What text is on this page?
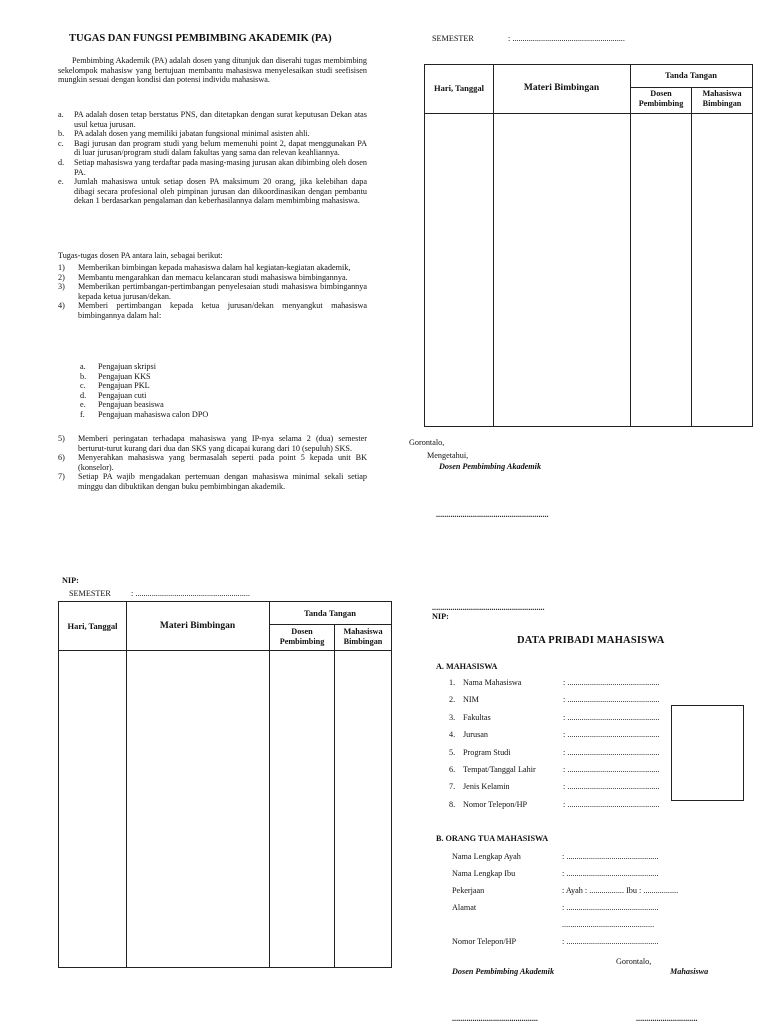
TUGAS DAN FUNGSI PEMBIMBING AKADEMIK (PA)
Pembimbing Akademik (PA) adalah dosen yang ditunjuk dan diserahi tugas membimbing sekelompok mahasisw yang bertujuan membantu mahasiswa menyelesaikan studi seefisisen mungkin sesuai dengan kondisi dan potensi individu mahasiswa.
a.	PA adalah dosen tetap berstatus PNS, dan ditetapkan dengan surat keputusan Dekan atas usul ketua jurusan.
b.	PA adalah dosen yang memiliki jabatan fungsional minimal asisten ahli.
c.	Bagi jurusan dan program studi yang belum memenuhi point 2, dapat menggunakan PA di luar jurusan/program studi dalam fakultas yang sama dan relevan keahliannya.
d.	Setiap mahasiswa yang terdaftar pada masing-masing jurusan akan dibimbing oleh dosen PA.
e.	Jumlah mahasiswa untuk setiap dosen PA maksimum 20 orang, jika kelebihan dapa dibagi secara profesional oleh pimpinan jurusan dan dikoordinasikan dengan pembantu dekan 1 berdasarkan pengalaman dan keberhasilannya dalam membimbing mahasiswa.
Tugas-tugas dosen PA antara lain, sebagai berikut:
1)	Memberikan bimbingan kepada mahasiswa dalam hal kegiatan-kegiatan akademik,
2)	Membantu mengarahkan dan memacu kelancaran studi mahasiswa bimbingannya.
3)	Memberikan pertimbangan-pertimbangan penyelesaian studi mahasiswa bimbingannya kepada ketua jurusan/dekan.
4)	Memberi pertimbangan kepada ketua jurusan/dekan menyangkut mahasiswa bimbingannya dalam hal:
a.	Pengajuan skripsi
b.	Pengajuan KKS
c.	Pengajuan PKL
d.	Pengajuan cuti
e.	Pengajuan beasiswa
f.	Pengajuan mahasiswa calon DPO
5)	Memberi peringatan terhadapa mahasiswa yang IP-nya selama 2 (dua) semester berturut-turut kurang dari dua dan SKS yang dicapai kurang dari 10 (sepuluh) SKS.
6)	Menyerahkan mahasiswa yang bermasalah seperti pada point 5 kepada unit BK (konselor).
7)	Setiap PA wajib mengadakan pertemuan dengan mahasiswa minimal sekali setiap minggu dan dibuktikan dengan buku pembimbingan akademik.
NIP:
SEMESTER	: .......................................................
Hari, Tanggal	Materi Bimbingan
Tanda Tangan
Dosen Pembimbing
Mahasiswa Bimbingan
Gorontalo,
Mengetahui,
Dosen Pembimbing Akademik
.......................................................
.......................................................
NIP:
SEMESTER : ........................................................
Hari, Tanggal	Materi Bimbingan
Tanda Tangan
Dosen Pembimbing
Mahasiswa Bimbingan	DATA PRIBADI MAHASISWA
A. MAHASISWA
1. Nama Mahasiswa	: .............................................
2. NIM	: .............................................
3. Fakultas	: .............................................
4. Jurusan	: .............................................
5. Program Studi	: .............................................
6. Tempat/Tanggal Lahir	: .............................................
7. Jenis Kelamin	: .............................................
8. Nomor Telepon/HP	: .............................................
B. ORANG TUA MAHASISWA
Nama Lengkap Ayah	: .............................................
Nama Lengkap Ibu	: .............................................
Pekerjaan	: Ayah : ................. Ibu : .................
Alamat	: .............................................
.............................................
Nomor Telepon/HP	: .............................................
Gorontalo,
Dosen Pembimbing Akademik	Mahasiswa
..........................................	..............................
